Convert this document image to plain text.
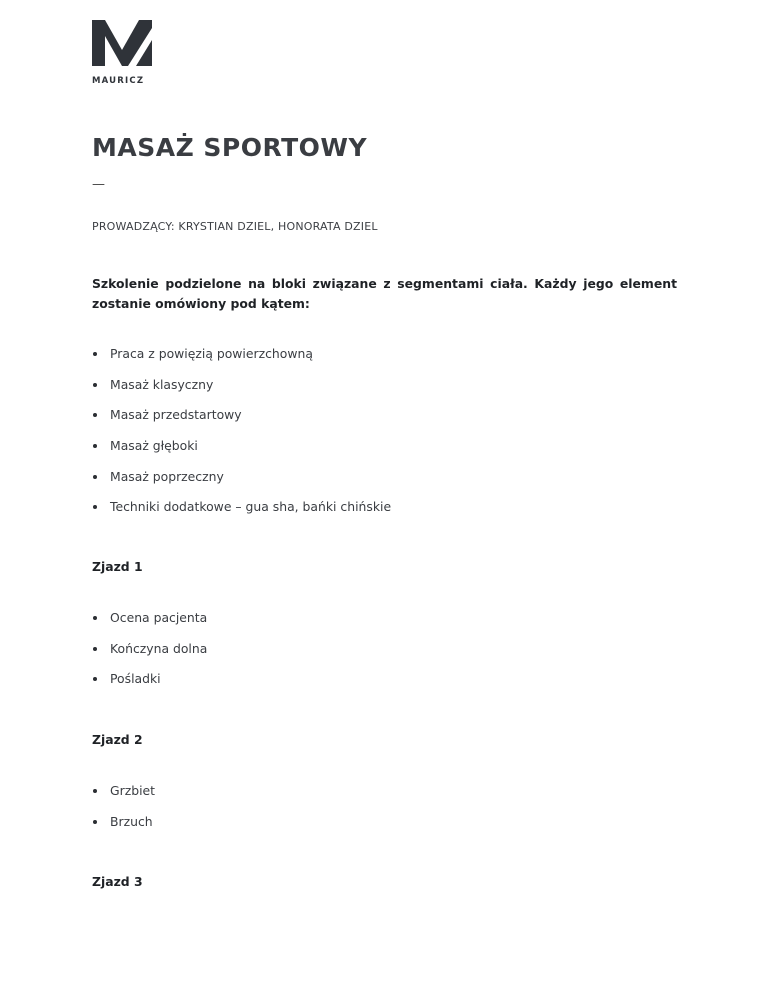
MAURICZ
MASAŻ SPORTOWY
—
PROWADZĄCY: KRYSTIAN DZIEL, HONORATA DZIEL

Szkolenie podzielone na bloki związane z segmentami ciała. Każdy jego element zostanie omówiony pod kątem:

Praca z powięzią powierzchowną
Masaż klasyczny
Masaż przedstartowy
Masaż głęboki
Masaż poprzeczny
Techniki dodatkowe – gua sha, bańki chińskie
Zjazd 1
Ocena pacjenta
Kończyna dolna
Pośladki
Zjazd 2
Grzbiet
Brzuch
Zjazd 3
